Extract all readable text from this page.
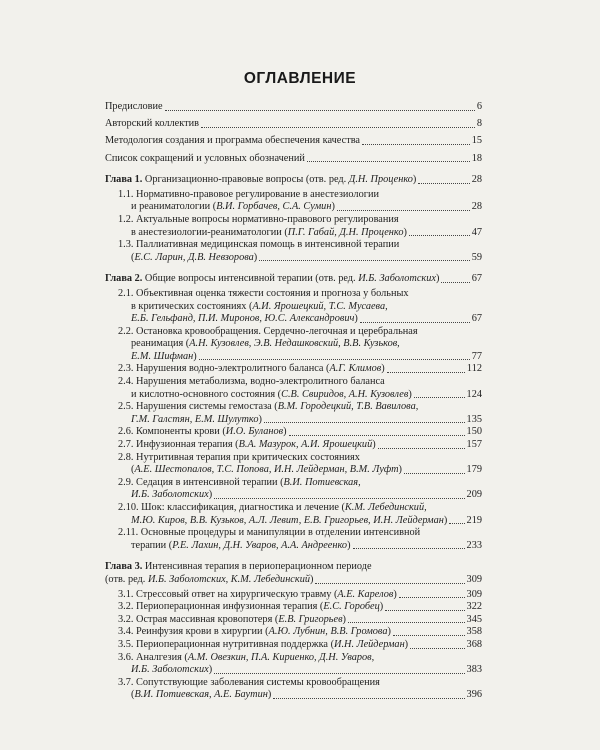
ОГЛАВЛЕНИЕ
Предисловие	6
Авторский коллектив	8
Методология создания и программа обеспечения качества	15
Список сокращений и условных обозначений	18
Глава 1. Организационно-правовые вопросы (отв. ред. Д.Н. Проценко)	28
1.1. Нормативно-правовое регулирование в анестезиологии
и реаниматологии (В.И. Горбачев, С.А. Сумин)	28
1.2. Актуальные вопросы нормативно-правового регулирования
в анестезиологии-реаниматологии (П.Г. Габай, Д.Н. Проценко)	47
1.3. Паллиативная медицинская помощь в интенсивной терапии
(Е.С. Ларин, Д.В. Невзорова)	59
Глава 2. Общие вопросы интенсивной терапии (отв. ред. И.Б. Заболотских)	67
2.1. Объективная оценка тяжести состояния и прогноза у больных
в критических состояниях (А.И. Ярошецкий, Т.С. Мусаева,
Е.Б. Гельфанд, П.И. Миронов, Ю.С. Александрович)	67
2.2. Остановка кровообращения. Сердечно-легочная и церебральная
реанимация (А.Н. Кузовлев, Э.В. Недашковский, В.В. Кузьков,
Е.М. Шифман)	77
2.3. Нарушения водно-электролитного баланса (А.Г. Климов)	112
2.4. Нарушения метаболизма, водно-электролитного баланса
и кислотно-основного состояния (С.В. Свиридов, А.Н. Кузовлев)	124
2.5. Нарушения системы гемостаза (В.М. Городецкий, Т.В. Вавилова,
Г.М. Галстян, Е.М. Шулутко)	135
2.6. Компоненты крови (И.О. Буланов)	150
2.7. Инфузионная терапия (В.А. Мазурок, А.И. Ярошецкий)	157
2.8. Нутритивная терапия при критических состояниях
(А.Е. Шестопалов, Т.С. Попова, И.Н. Лейдерман, В.М. Луфт)	179
2.9. Седация в интенсивной терапии (В.И. Потиевская,
И.Б. Заболотских)	209
2.10. Шок: классификация, диагностика и лечение (К.М. Лебединский,
М.Ю. Киров, В.В. Кузьков, А.Л. Левит, Е.В. Григорьев, И.Н. Лейдерман) 219
2.11. Основные процедуры и манипуляции в отделении интенсивной
терапии (Р.Е. Лахин, Д.Н. Уваров, А.А. Андреенко)	233
Глава 3. Интенсивная терапия в периоперационном периоде
(отв. ред. И.Б. Заболотских, К.М. Лебединский)	309
3.1. Стрессовый ответ на хирургическую травму (А.Е. Карелов)	309
3.2. Периоперационная инфузионная терапия (Е.С. Горобец)	322
3.2. Острая массивная кровопотеря (Е.В. Григорьев)	345
3.4. Реинфузия крови в хирургии (А.Ю. Лубнин, В.В. Громова)	358
3.5. Периоперационная нутритивная поддержка (И.Н. Лейдерман)	368
3.6. Аналгезия (А.М. Овезкин, П.А. Кириенко, Д.Н. Уваров,
И.Б. Заболотских)	383
3.7. Сопутствующие заболевания системы кровообращения
(В.И. Потиевская, А.Е. Баутин)	396
